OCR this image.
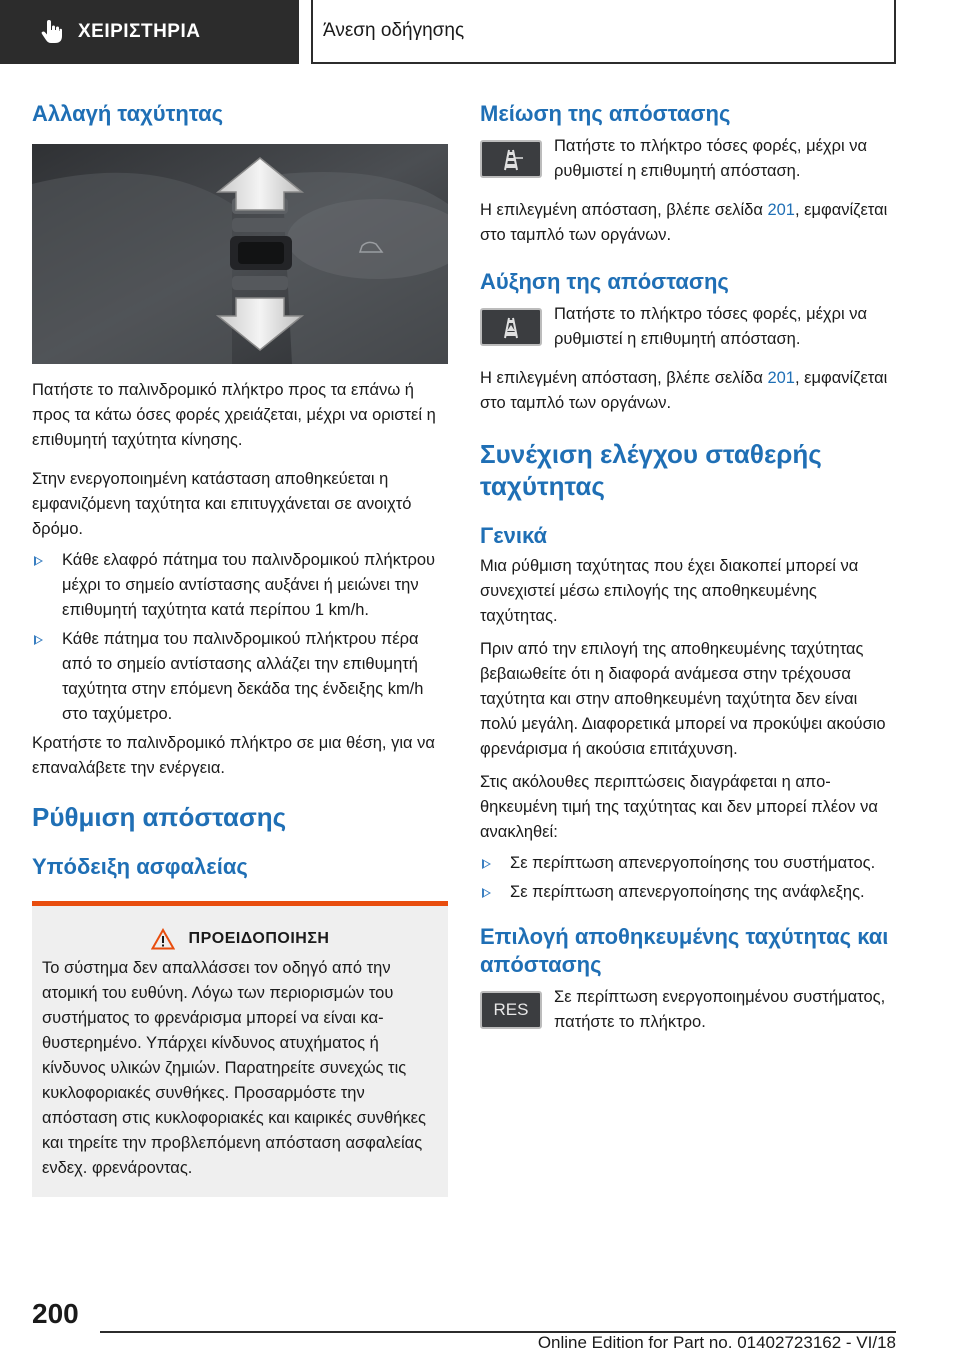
ΧΕΙΡΙΣΤΗΡΙΑ	Άνεση οδήγησης
Αλλαγή ταχύτητας

Πατήστε το παλινδρομικό πλήκτρο προς τα επάνω ή προς τα κάτω όσες φορές χρειάζεται, μέχρι να οριστεί η επιθυμητή ταχύτητα κίνησης.

Στην ενεργοποιημένη κατάσταση αποθηκεύεται η εμφανιζόμενη ταχύτητα και επιτυγχάνεται σε ανοιχτό δρόμο.

Κάθε ελαφρό πάτημα του παλινδρομικού πλήκτρου μέχρι το σημείο αντίστασης αυξάνει ή μειώνει την επιθυμητή ταχύτητα κατά περίπου 1 km/h.
Κάθε πάτημα του παλινδρομικού πλήκτρου πέρα από το σημείο αντίστασης αλλάζει την επιθυμητή ταχύτητα στην επόμενη δεκάδα της ένδειξης km/h στο ταχύμετρο.

Κρατήστε το παλινδρομικό πλήκτρο σε μια θέση, για να επαναλάβετε την ενέργεια.

Ρύθμιση απόστασης
Υπόδειξη ασφαλείας
ΠΡΟΕΙΔΟΠΟΙΗΣΗ

Το σύστημα δεν απαλλάσσει τον οδηγό από την ατομική του ευθύνη. Λόγω των περιορισμών του συστήματος το φρενάρισμα μπορεί να είναι καθυστερημένο. Υπάρχει κίνδυνος ατυχήματος ή κίνδυνος υλικών ζημιών. Παρατηρείτε συνεχώς τις κυκλοφοριακές συνθήκες. Προσαρμόστε την απόσταση στις κυκλοφοριακές και καιρικές συνθήκες και τηρείτε την προβλεπόμενη απόσταση ασφαλείας ενδεχ. φρενάροντας.

Μείωση της απόστασης

Πατήστε το πλήκτρο τόσες φορές, μέχρι να ρυθμιστεί η επιθυμητή απόσταση.

Η επιλεγμένη απόσταση, βλέπε σελίδα 201, εμφανίζεται στο ταμπλό των οργάνων.

Αύξηση της απόστασης

Πατήστε το πλήκτρο τόσες φορές, μέχρι να ρυθμιστεί η επιθυμητή απόσταση.

Η επιλεγμένη απόσταση, βλέπε σελίδα 201, εμφανίζεται στο ταμπλό των οργάνων.

Συνέχιση ελέγχου σταθερής ταχύτητας
Γενικά

Μια ρύθμιση ταχύτητας που έχει διακοπεί μπορεί να συνεχιστεί μέσω επιλογής της αποθηκευμένης ταχύτητας.

Πριν από την επιλογή της αποθηκευμένης ταχύτητας βεβαιωθείτε ότι η διαφορά ανάμεσα στην τρέχουσα ταχύτητα και στην αποθηκευμένη ταχύτητα δεν είναι πολύ μεγάλη. Διαφορετικά μπορεί να προκύψει ακούσιο φρενάρισμα ή ακούσια επιτάχυνση.

Στις ακόλουθες περιπτώσεις διαγράφεται η αποθηκευμένη τιμή της ταχύτητας και δεν μπορεί πλέον να ανακληθεί:

Σε περίπτωση απενεργοποίησης του συστήματος.
Σε περίπτωση απενεργοποίησης της ανάφλεξης.
Επιλογή αποθηκευμένης ταχύτητας και απόστασης
RES

Σε περίπτωση ενεργοποιημένου συστήματος, πατήστε το πλήκτρο.

200
Online Edition for Part no. 01402723162 - VI/18
